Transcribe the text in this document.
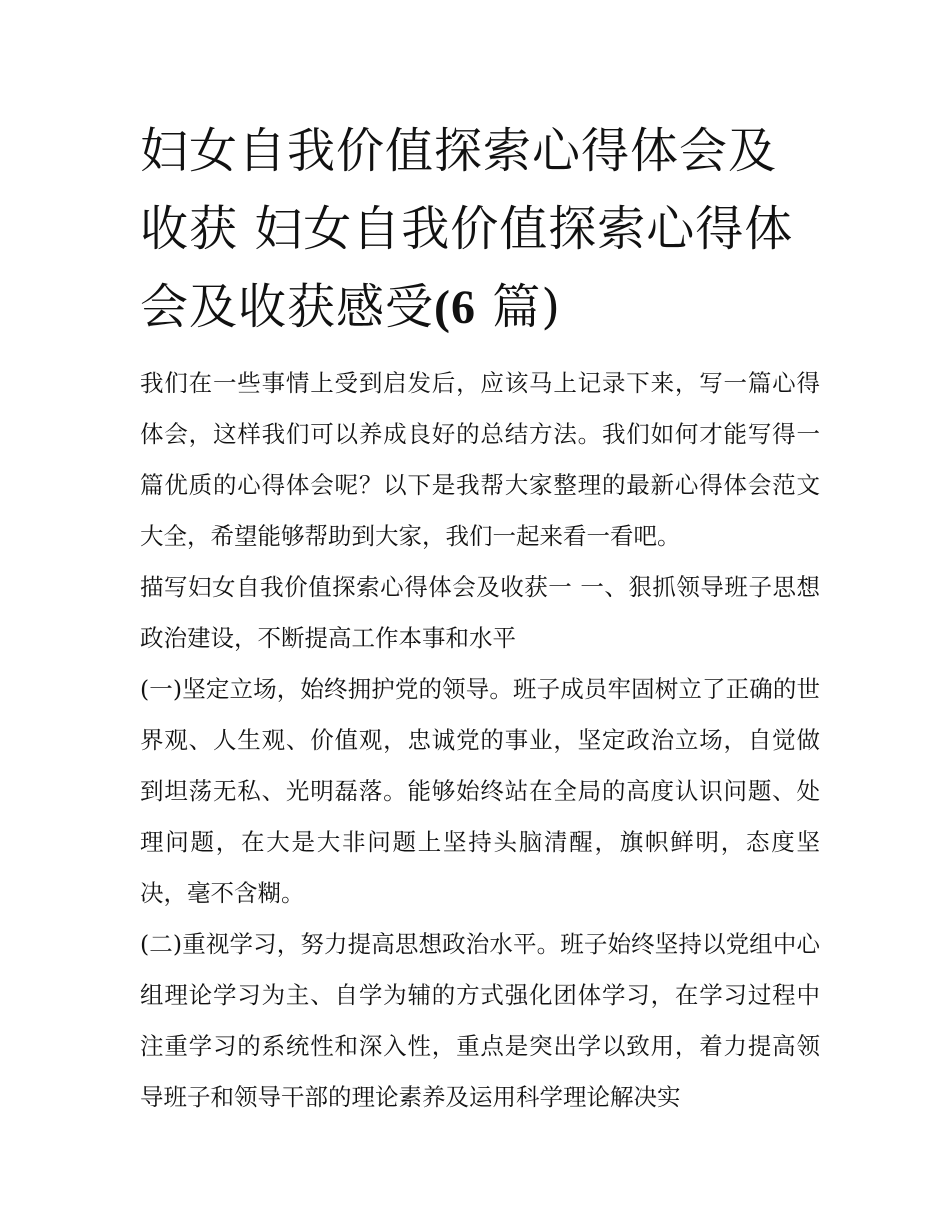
妇女自我价值探索心得体会及收获 妇女自我价值探索心得体会及收获感受(6 篇)

我们在一些事情上受到启发后，应该马上记录下来，写一篇心得体会，这样我们可以养成良好的总结方法。我们如何才能写得一篇优质的心得体会呢？以下是我帮大家整理的最新心得体会范文大全，希望能够帮助到大家，我们一起来看一看吧。

描写妇女自我价值探索心得体会及收获一 一、狠抓领导班子思想政治建设，不断提高工作本事和水平

(一)坚定立场，始终拥护党的领导。班子成员牢固树立了正确的世界观、人生观、价值观，忠诚党的事业，坚定政治立场，自觉做到坦荡无私、光明磊落。能够始终站在全局的高度认识问题、处理问题，在大是大非问题上坚持头脑清醒，旗帜鲜明，态度坚决，毫不含糊。

(二)重视学习，努力提高思想政治水平。班子始终坚持以党组中心组理论学习为主、自学为辅的方式强化团体学习，在学习过程中注重学习的系统性和深入性，重点是突出学以致用，着力提高领导班子和领导干部的理论素养及运用科学理论解决实
